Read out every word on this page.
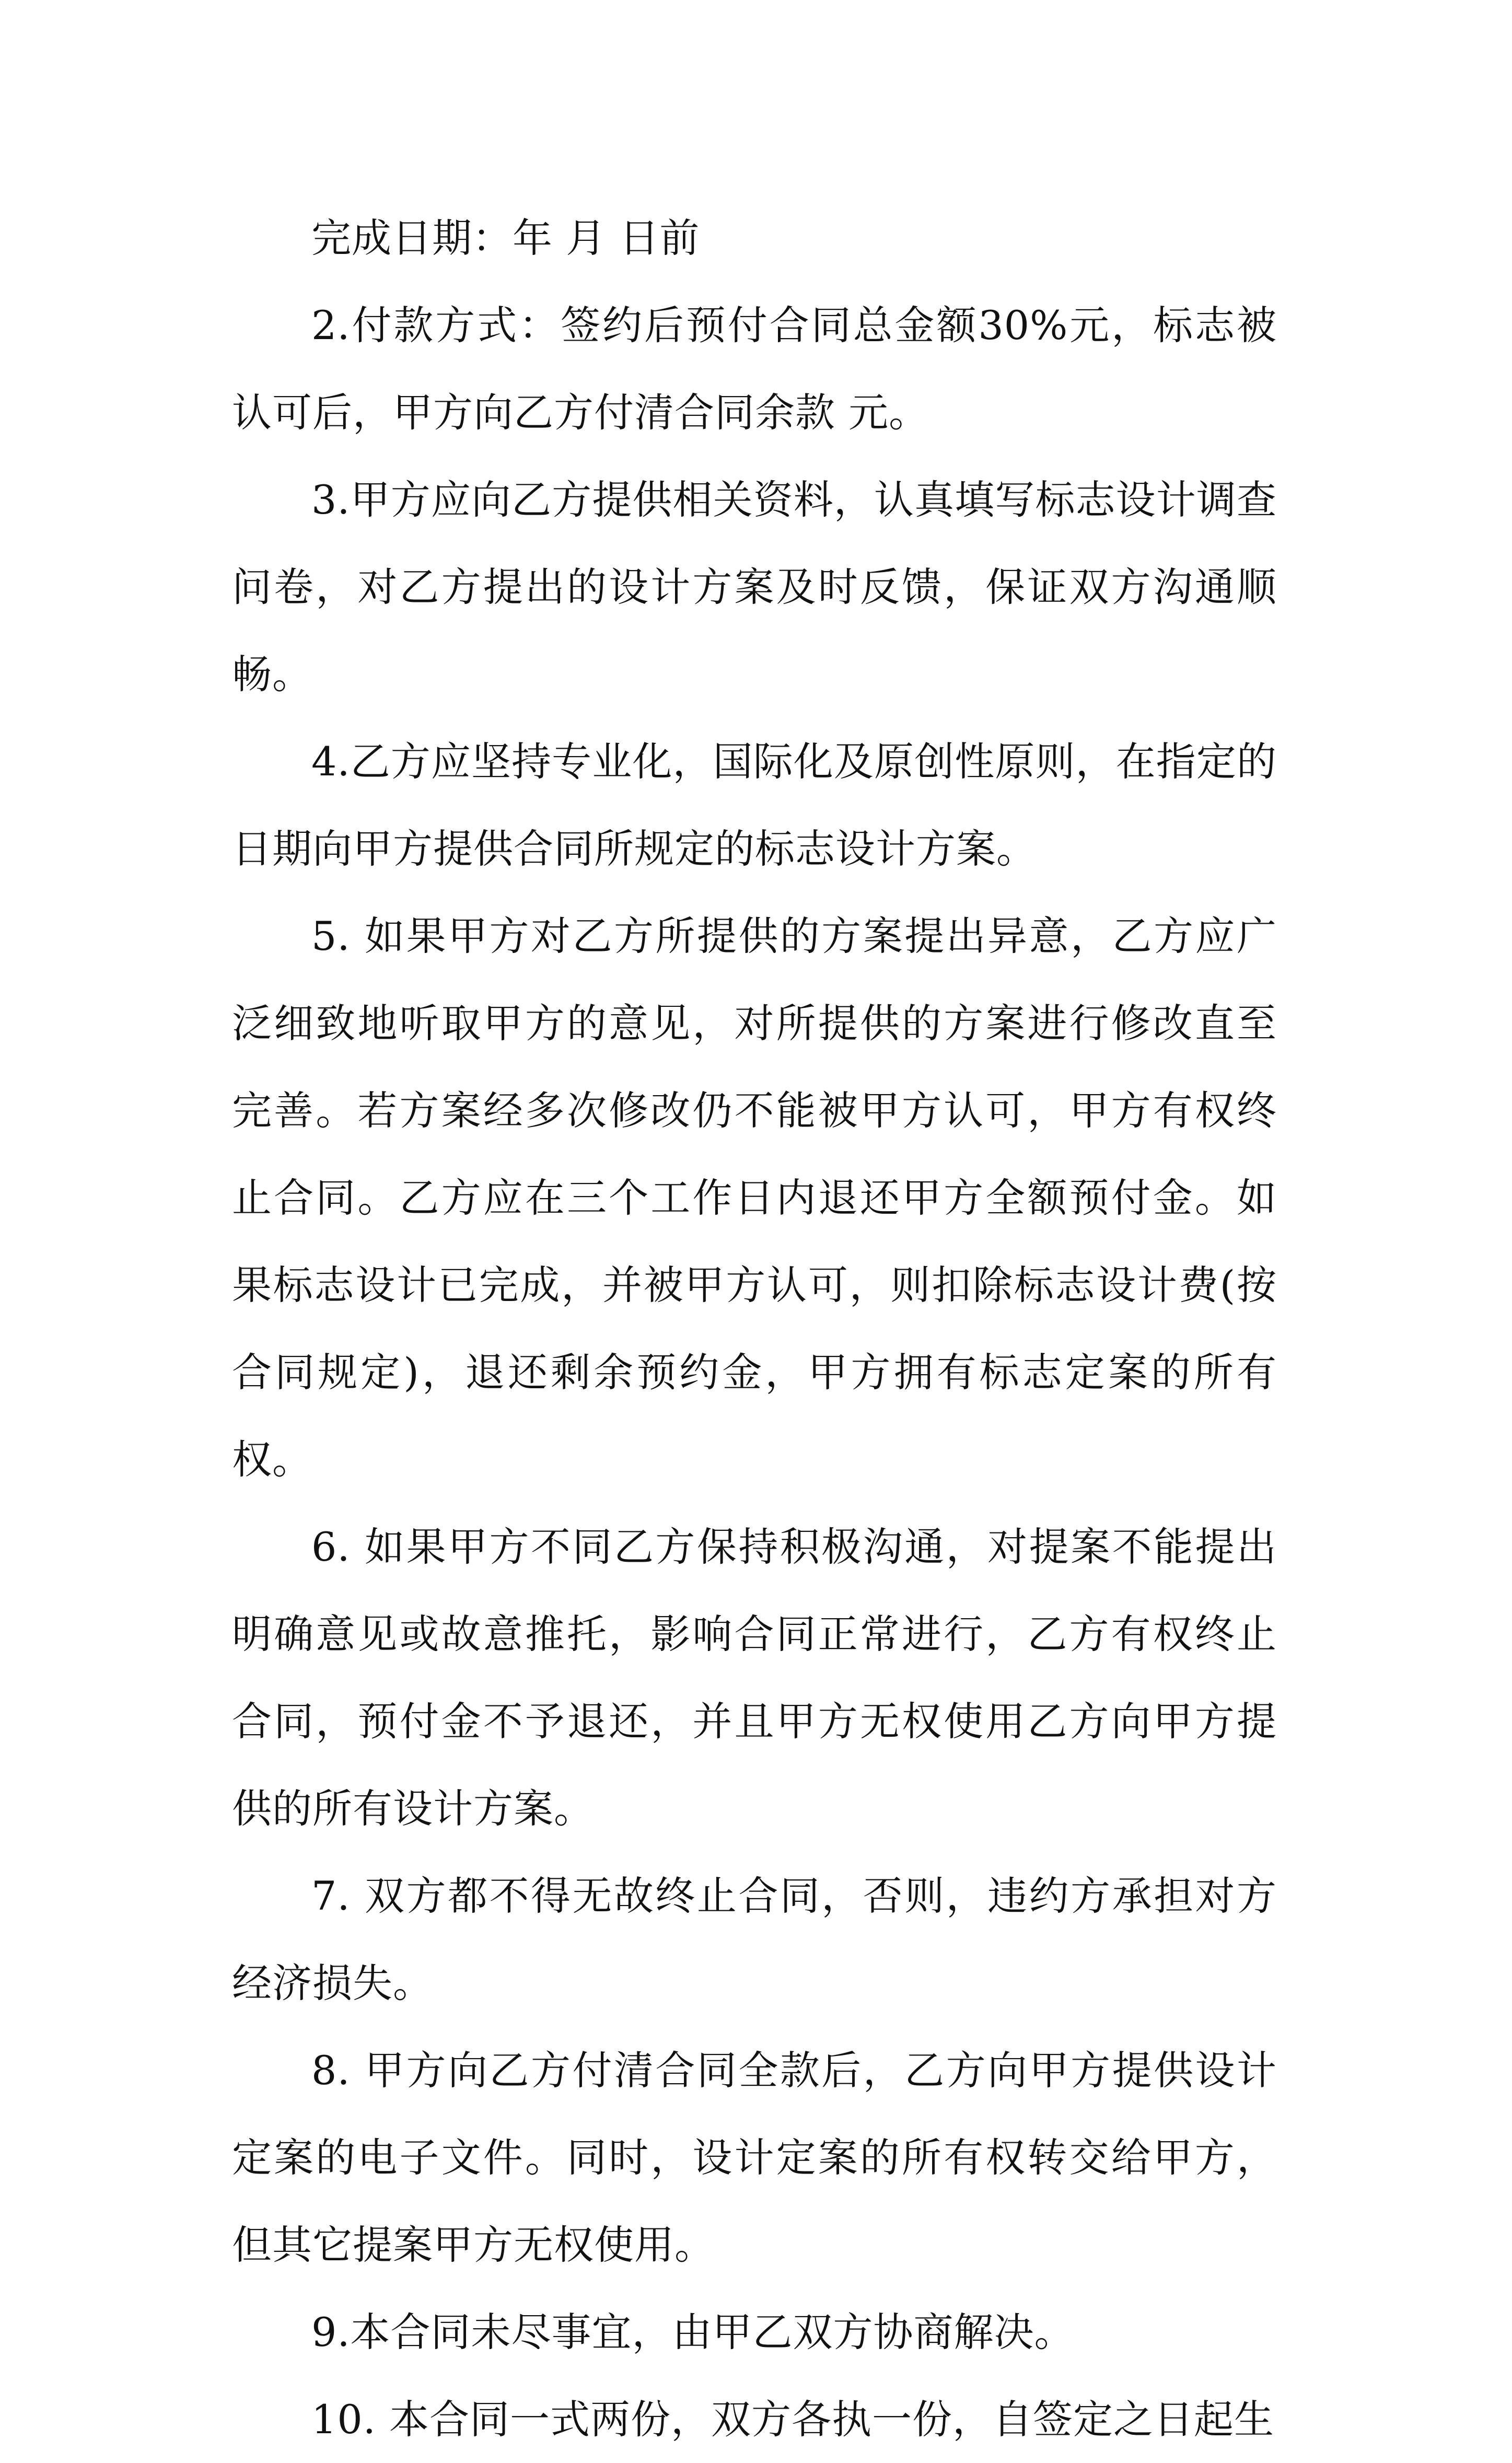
完成日期：年 月 日前

2.付款方式：签约后预付合同总金额30%元，标志被认可后，甲方向乙方付清合同余款 元。

3.甲方应向乙方提供相关资料，认真填写标志设计调查问卷，对乙方提出的设计方案及时反馈，保证双方沟通顺畅。

4.乙方应坚持专业化，国际化及原创性原则，在指定的日期向甲方提供合同所规定的标志设计方案。

5. 如果甲方对乙方所提供的方案提出异意，乙方应广泛细致地听取甲方的意见，对所提供的方案进行修改直至完善。若方案经多次修改仍不能被甲方认可，甲方有权终止合同。乙方应在三个工作日内退还甲方全额预付金。如果标志设计已完成，并被甲方认可，则扣除标志设计费(按合同规定)，退还剩余预约金，甲方拥有标志定案的所有权。

6. 如果甲方不同乙方保持积极沟通，对提案不能提出明确意见或故意推托，影响合同正常进行，乙方有权终止合同，预付金不予退还，并且甲方无权使用乙方向甲方提供的所有设计方案。

7. 双方都不得无故终止合同，否则，违约方承担对方经济损失。

8. 甲方向乙方付清合同全款后，乙方向甲方提供设计定案的电子文件。同时，设计定案的所有权转交给甲方，但其它提案甲方无权使用。

9.本合同未尽事宜，由甲乙双方协商解决。

10. 本合同一式两份，双方各执一份，自签定之日起生
